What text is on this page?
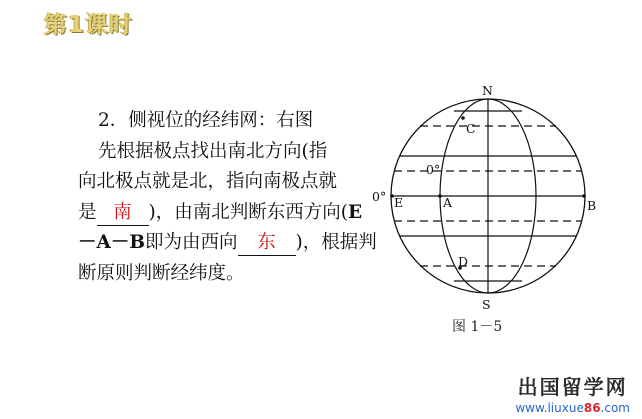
第1课时
2．侧视位的经纬网：右图
先根据极点找出南北方向(指
向北极点就是北，指向南极点就
是 南 )，由南北判断东西方向(E
－A－B即为由西向 东 )，根据判
断原则判断经纬度。
N
S
C
D
E	A	B
0°
0°
图 1－5
出国留学网
www.liuxue86.com
